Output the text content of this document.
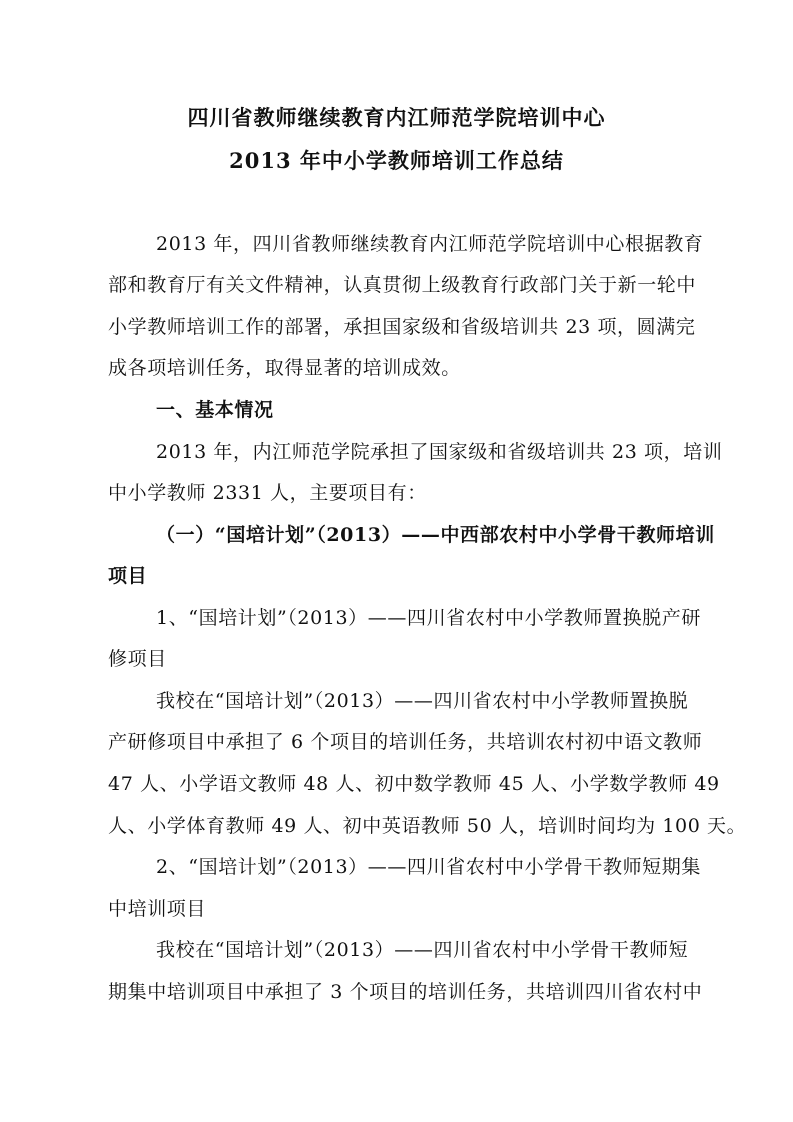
四川省教师继续教育内江师范学院培训中心
2013 年中小学教师培训工作总结
2013 年，四川省教师继续教育内江师范学院培训中心根据教育
部和教育厅有关文件精神，认真贯彻上级教育行政部门关于新一轮中
小学教师培训工作的部署，承担国家级和省级培训共 23 项，圆满完
成各项培训任务，取得显著的培训成效。
一、基本情况
2013 年，内江师范学院承担了国家级和省级培训共 23 项，培训
中小学教师 2331 人，主要项目有：
（一）“国培计划”（2013）——中西部农村中小学骨干教师培训
项目
1、“国培计划”（2013）——四川省农村中小学教师置换脱产研
修项目
我校在“国培计划”（2013）——四川省农村中小学教师置换脱
产研修项目中承担了 6 个项目的培训任务，共培训农村初中语文教师
47 人、小学语文教师 48 人、初中数学教师 45 人、小学数学教师 49
人、小学体育教师 49 人、初中英语教师 50 人，培训时间均为 100 天。
2、“国培计划”（2013）——四川省农村中小学骨干教师短期集
中培训项目
我校在“国培计划”（2013）——四川省农村中小学骨干教师短
期集中培训项目中承担了 3 个项目的培训任务，共培训四川省农村中
